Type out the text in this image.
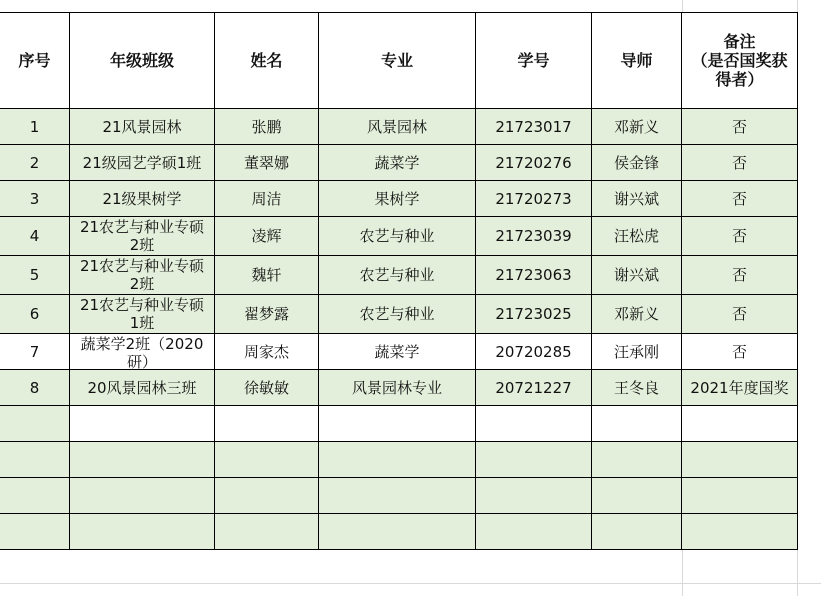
序号	年级班级	姓名	专业	学号	导师	备注
（是否国奖获
得者）

1	21风景园林	张鹏	风景园林	21723017	邓新义	否
2	21级园艺学硕1班	董翠娜	蔬菜学	21720276	侯金锋	否
3	21级果树学	周洁	果树学	21720273	谢兴斌	否
4	21农艺与种业专硕
2班	凌辉	农艺与种业	21723039	汪松虎	否
5	21农艺与种业专硕
2班	魏轩	农艺与种业	21723063	谢兴斌	否
6	21农艺与种业专硕
1班	翟梦露	农艺与种业	21723025	邓新义	否
7	蔬菜学2班（2020
研）	周家杰	蔬菜学	20720285	汪承刚	否
8	20风景园林三班	徐敏敏	风景园林专业	20721227	王冬良	2021年度国奖
